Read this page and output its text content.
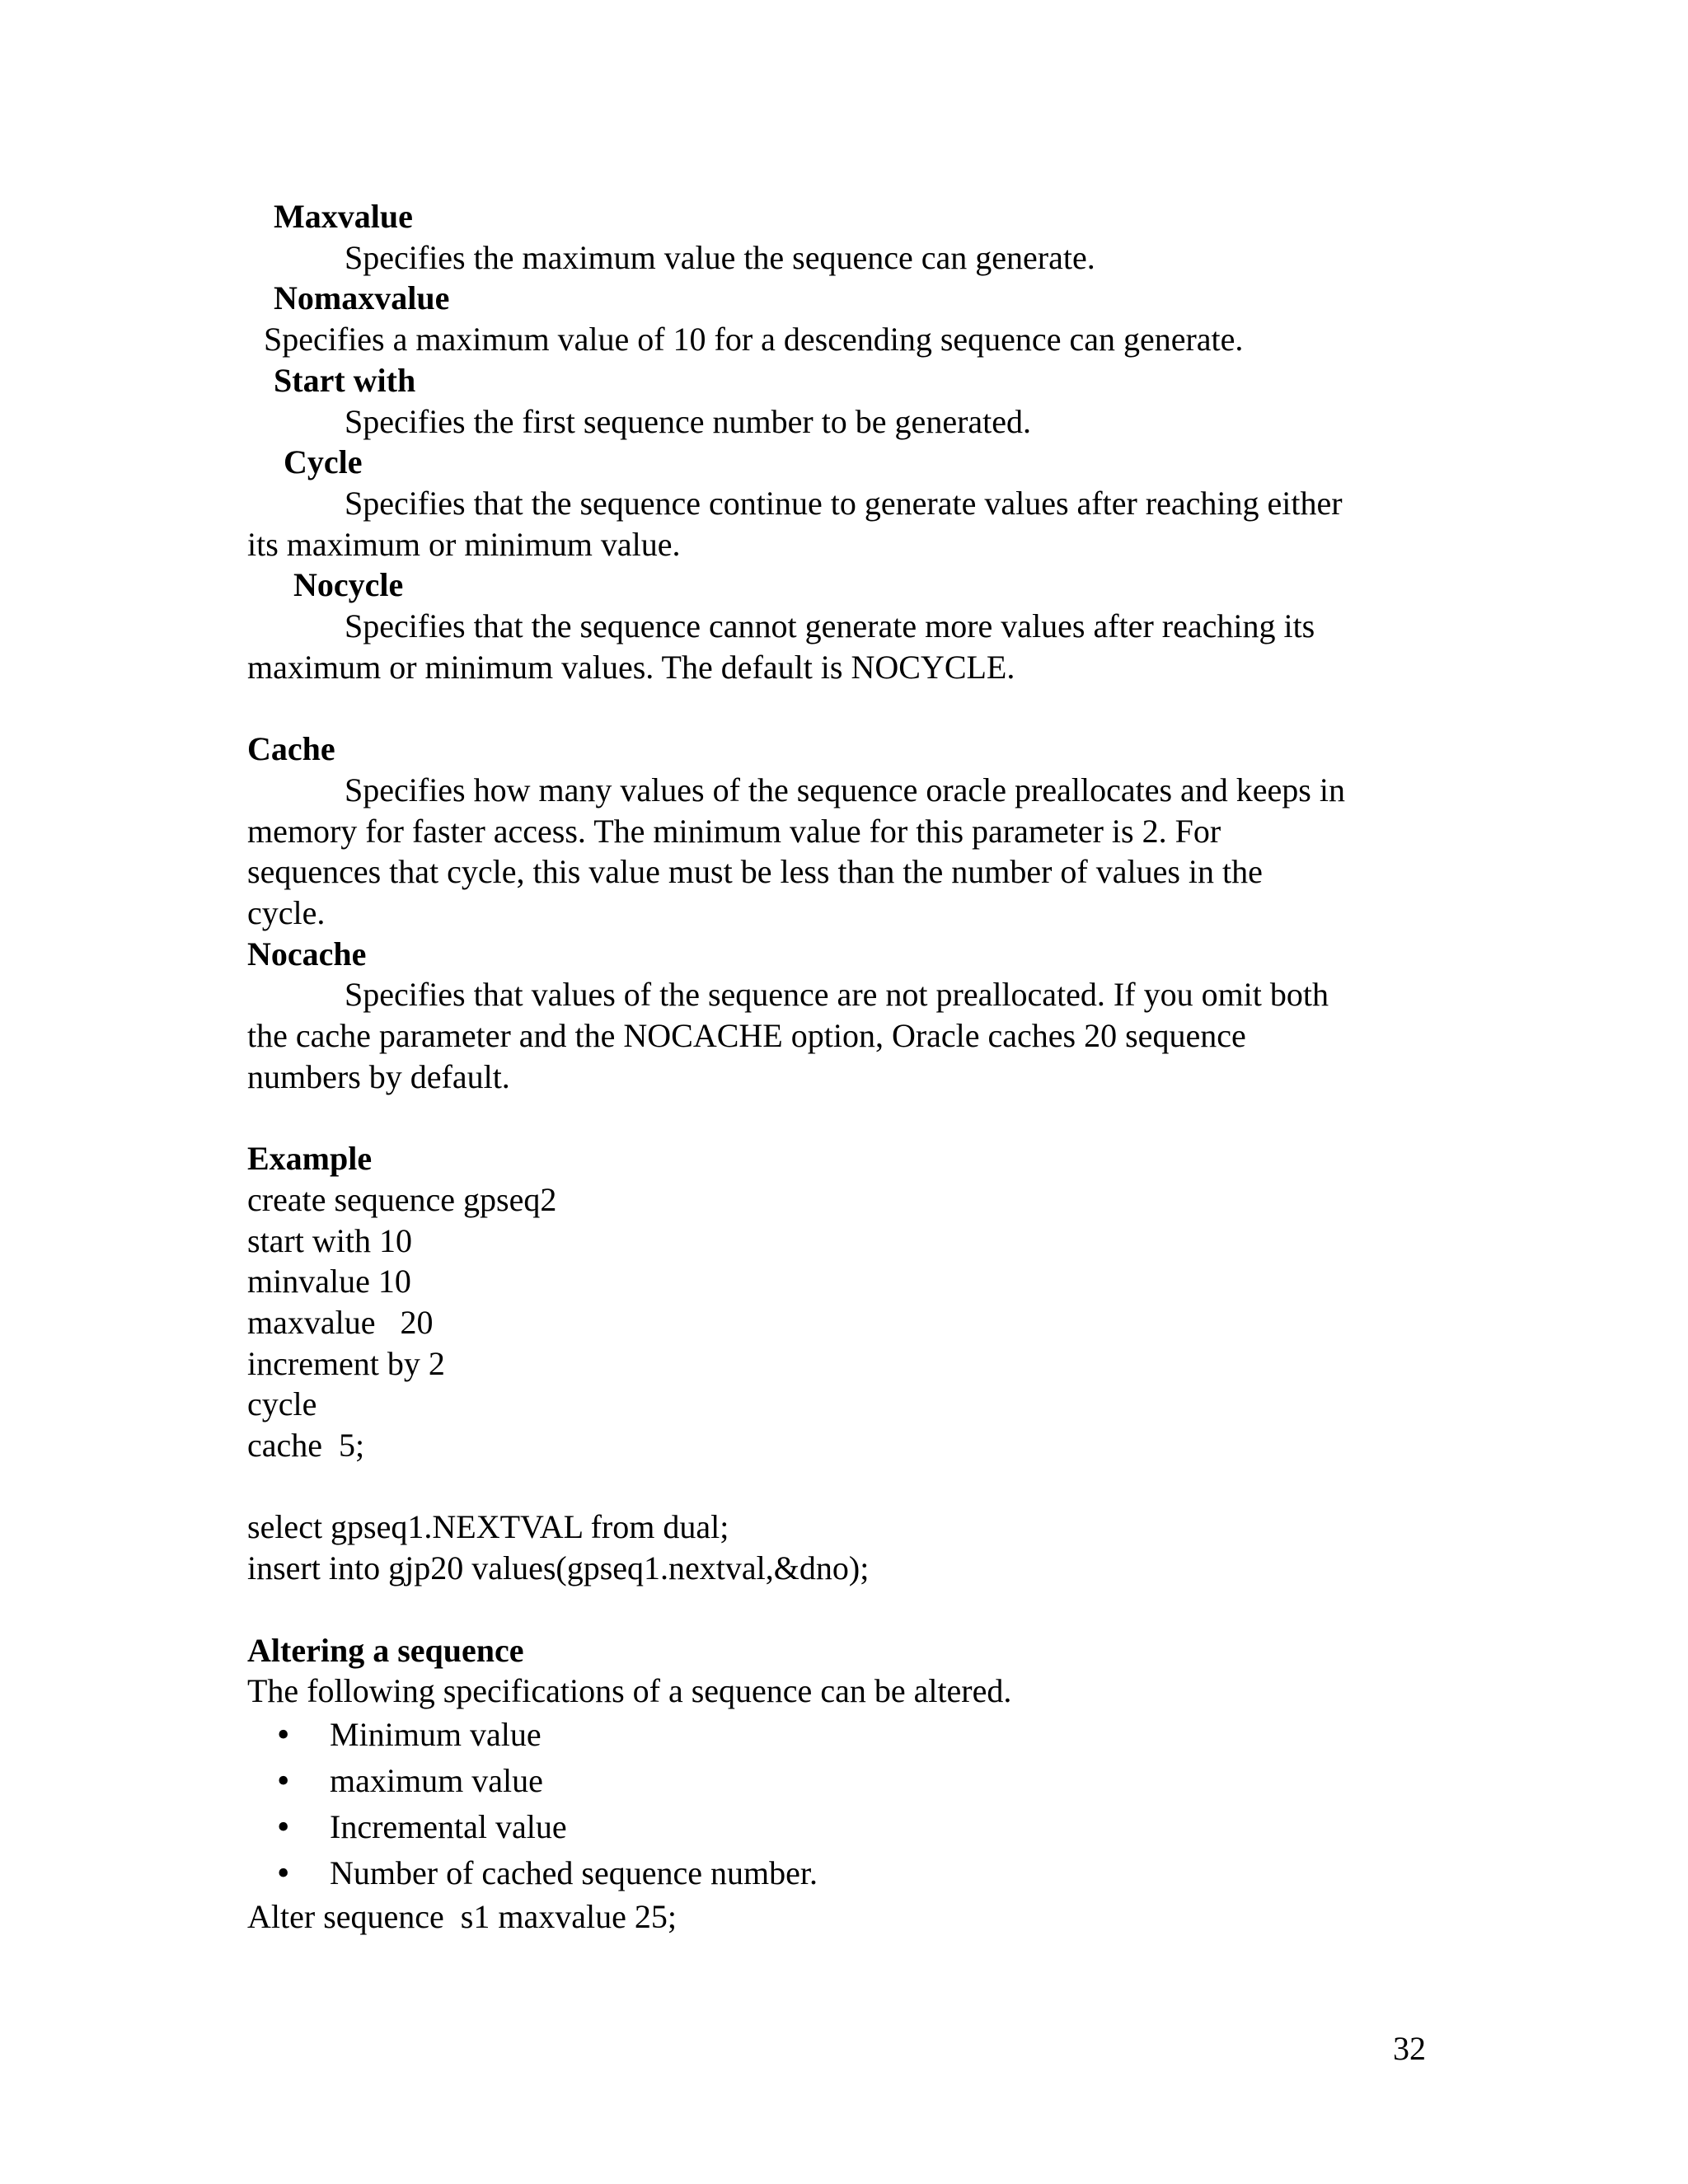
Maxvalue

Specifies the maximum value the sequence can generate.

Nomaxvalue

Specifies a maximum value of 10 for a descending sequence can generate.

Start with

Specifies the first sequence number to be generated.

Cycle

Specifies that the sequence continue to generate values after reaching either

its maximum or minimum value.

Nocycle

Specifies that the sequence cannot generate more values after reaching its

maximum or minimum values. The default is NOCYCLE.

Cache

Specifies how many values of the sequence oracle preallocates and keeps in

memory for faster access. The minimum value for this parameter is 2. For

sequences that cycle, this value must be less than the number of values in the

cycle.

Nocache

Specifies that values of the sequence are not preallocated. If you omit both

the cache parameter and the NOCACHE option, Oracle caches 20 sequence

numbers by default.

Example

create sequence gpseq2

start with 10

minvalue 10

maxvalue   20

increment by 2

cycle

cache  5;

select gpseq1.NEXTVAL from dual;

insert into gjp20 values(gpseq1.nextval,&dno);

Altering a sequence

The following specifications of a sequence can be altered.

• Minimum value
• maximum value
• Incremental value
• Number of cached sequence number.

Alter sequence  s1 maxvalue 25;

32
